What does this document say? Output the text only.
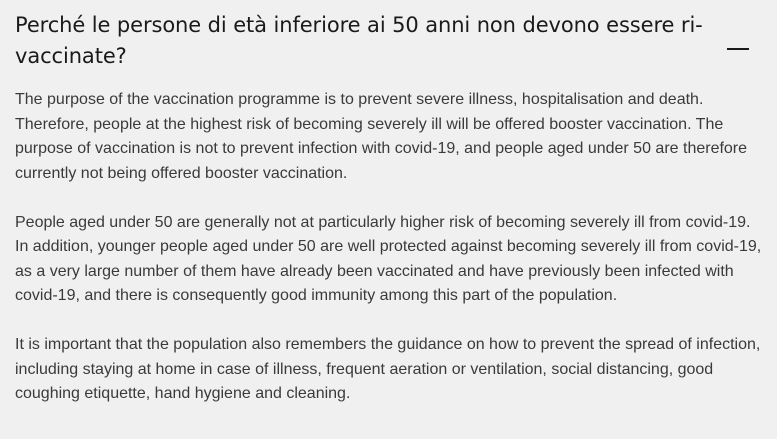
Perché le persone di età inferiore ai 50 anni non devono essere ri-vaccinate?

The purpose of the vaccination programme is to prevent severe illness, hospitalisation and death. Therefore, people at the highest risk of becoming severely ill will be offered booster vaccination. The purpose of vaccination is not to prevent infection with covid-19, and people aged under 50 are therefore currently not being offered booster vaccination.

People aged under 50 are generally not at particularly higher risk of becoming severely ill from covid-19. In addition, younger people aged under 50 are well protected against becoming severely ill from covid-19, as a very large number of them have already been vaccinated and have previously been infected with covid-19, and there is consequently good immunity among this part of the population.

It is important that the population also remembers the guidance on how to prevent the spread of infection, including staying at home in case of illness, frequent aeration or ventilation, social distancing, good coughing etiquette, hand hygiene and cleaning.
